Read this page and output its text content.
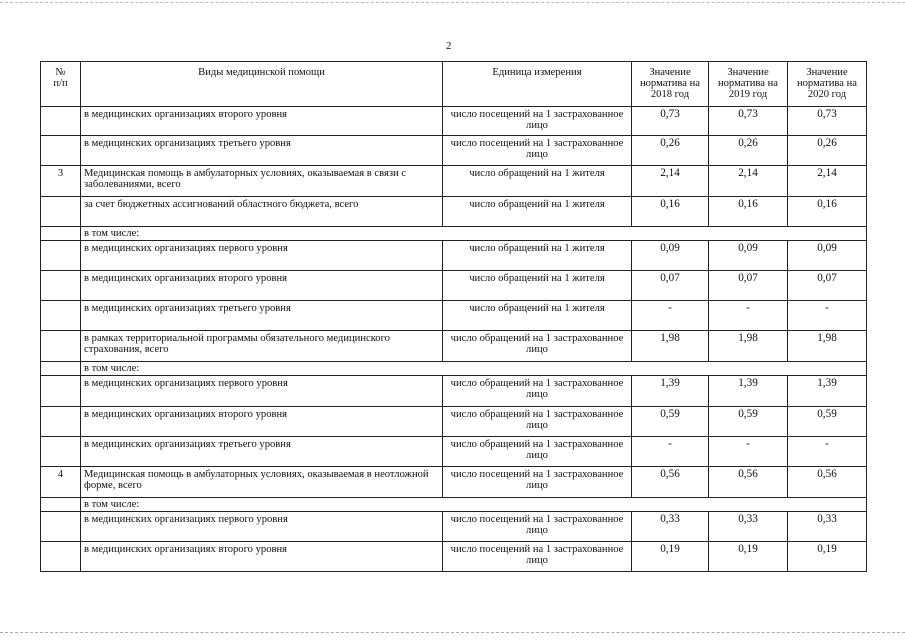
2
№
п/п	Виды медицинской помощи	Единица измерения	Значение норматива на 2018 год	Значение норматива на 2019 год	Значение норматива на 2020 год
	в медицинских организациях второго уровня	число посещений на 1 застрахованное лицо	0,73	0,73	0,73
	в медицинских организациях третьего уровня	число посещений на 1 застрахованное лицо	0,26	0,26	0,26
3	Медицинская помощь в амбулаторных условиях, оказываемая в связи с заболеваниями, всего	число обращений на 1 жителя	2,14	2,14	2,14
	за счет бюджетных ассигнований областного бюджета, всего	число обращений на 1 жителя	0,16	0,16	0,16
	в том числе:				
	в медицинских организациях первого уровня	число обращений на 1 жителя	0,09	0,09	0,09
	в медицинских организациях второго уровня	число обращений на 1 жителя	0,07	0,07	0,07
	в медицинских организациях третьего уровня	число обращений на 1 жителя	-	-	-
	в рамках территориальной программы обязательного медицинского страхования, всего	число обращений на 1 застрахованное лицо	1,98	1,98	1,98
	в том числе:				
	в медицинских организациях первого уровня	число обращений на 1 застрахованное лицо	1,39	1,39	1,39
	в медицинских организациях второго уровня	число обращений на 1 застрахованное лицо	0,59	0,59	0,59
	в медицинских организациях третьего уровня	число обращений на 1 застрахованное лицо	-	-	-
4	Медицинская помощь в амбулаторных условиях, оказываемая в неотложной форме, всего	число посещений на 1 застрахованное лицо	0,56	0,56	0,56
	в том числе:				
	в медицинских организациях первого уровня	число посещений на 1 застрахованное лицо	0,33	0,33	0,33
	в медицинских организациях второго уровня	число посещений на 1 застрахованное лицо	0,19	0,19	0,19
